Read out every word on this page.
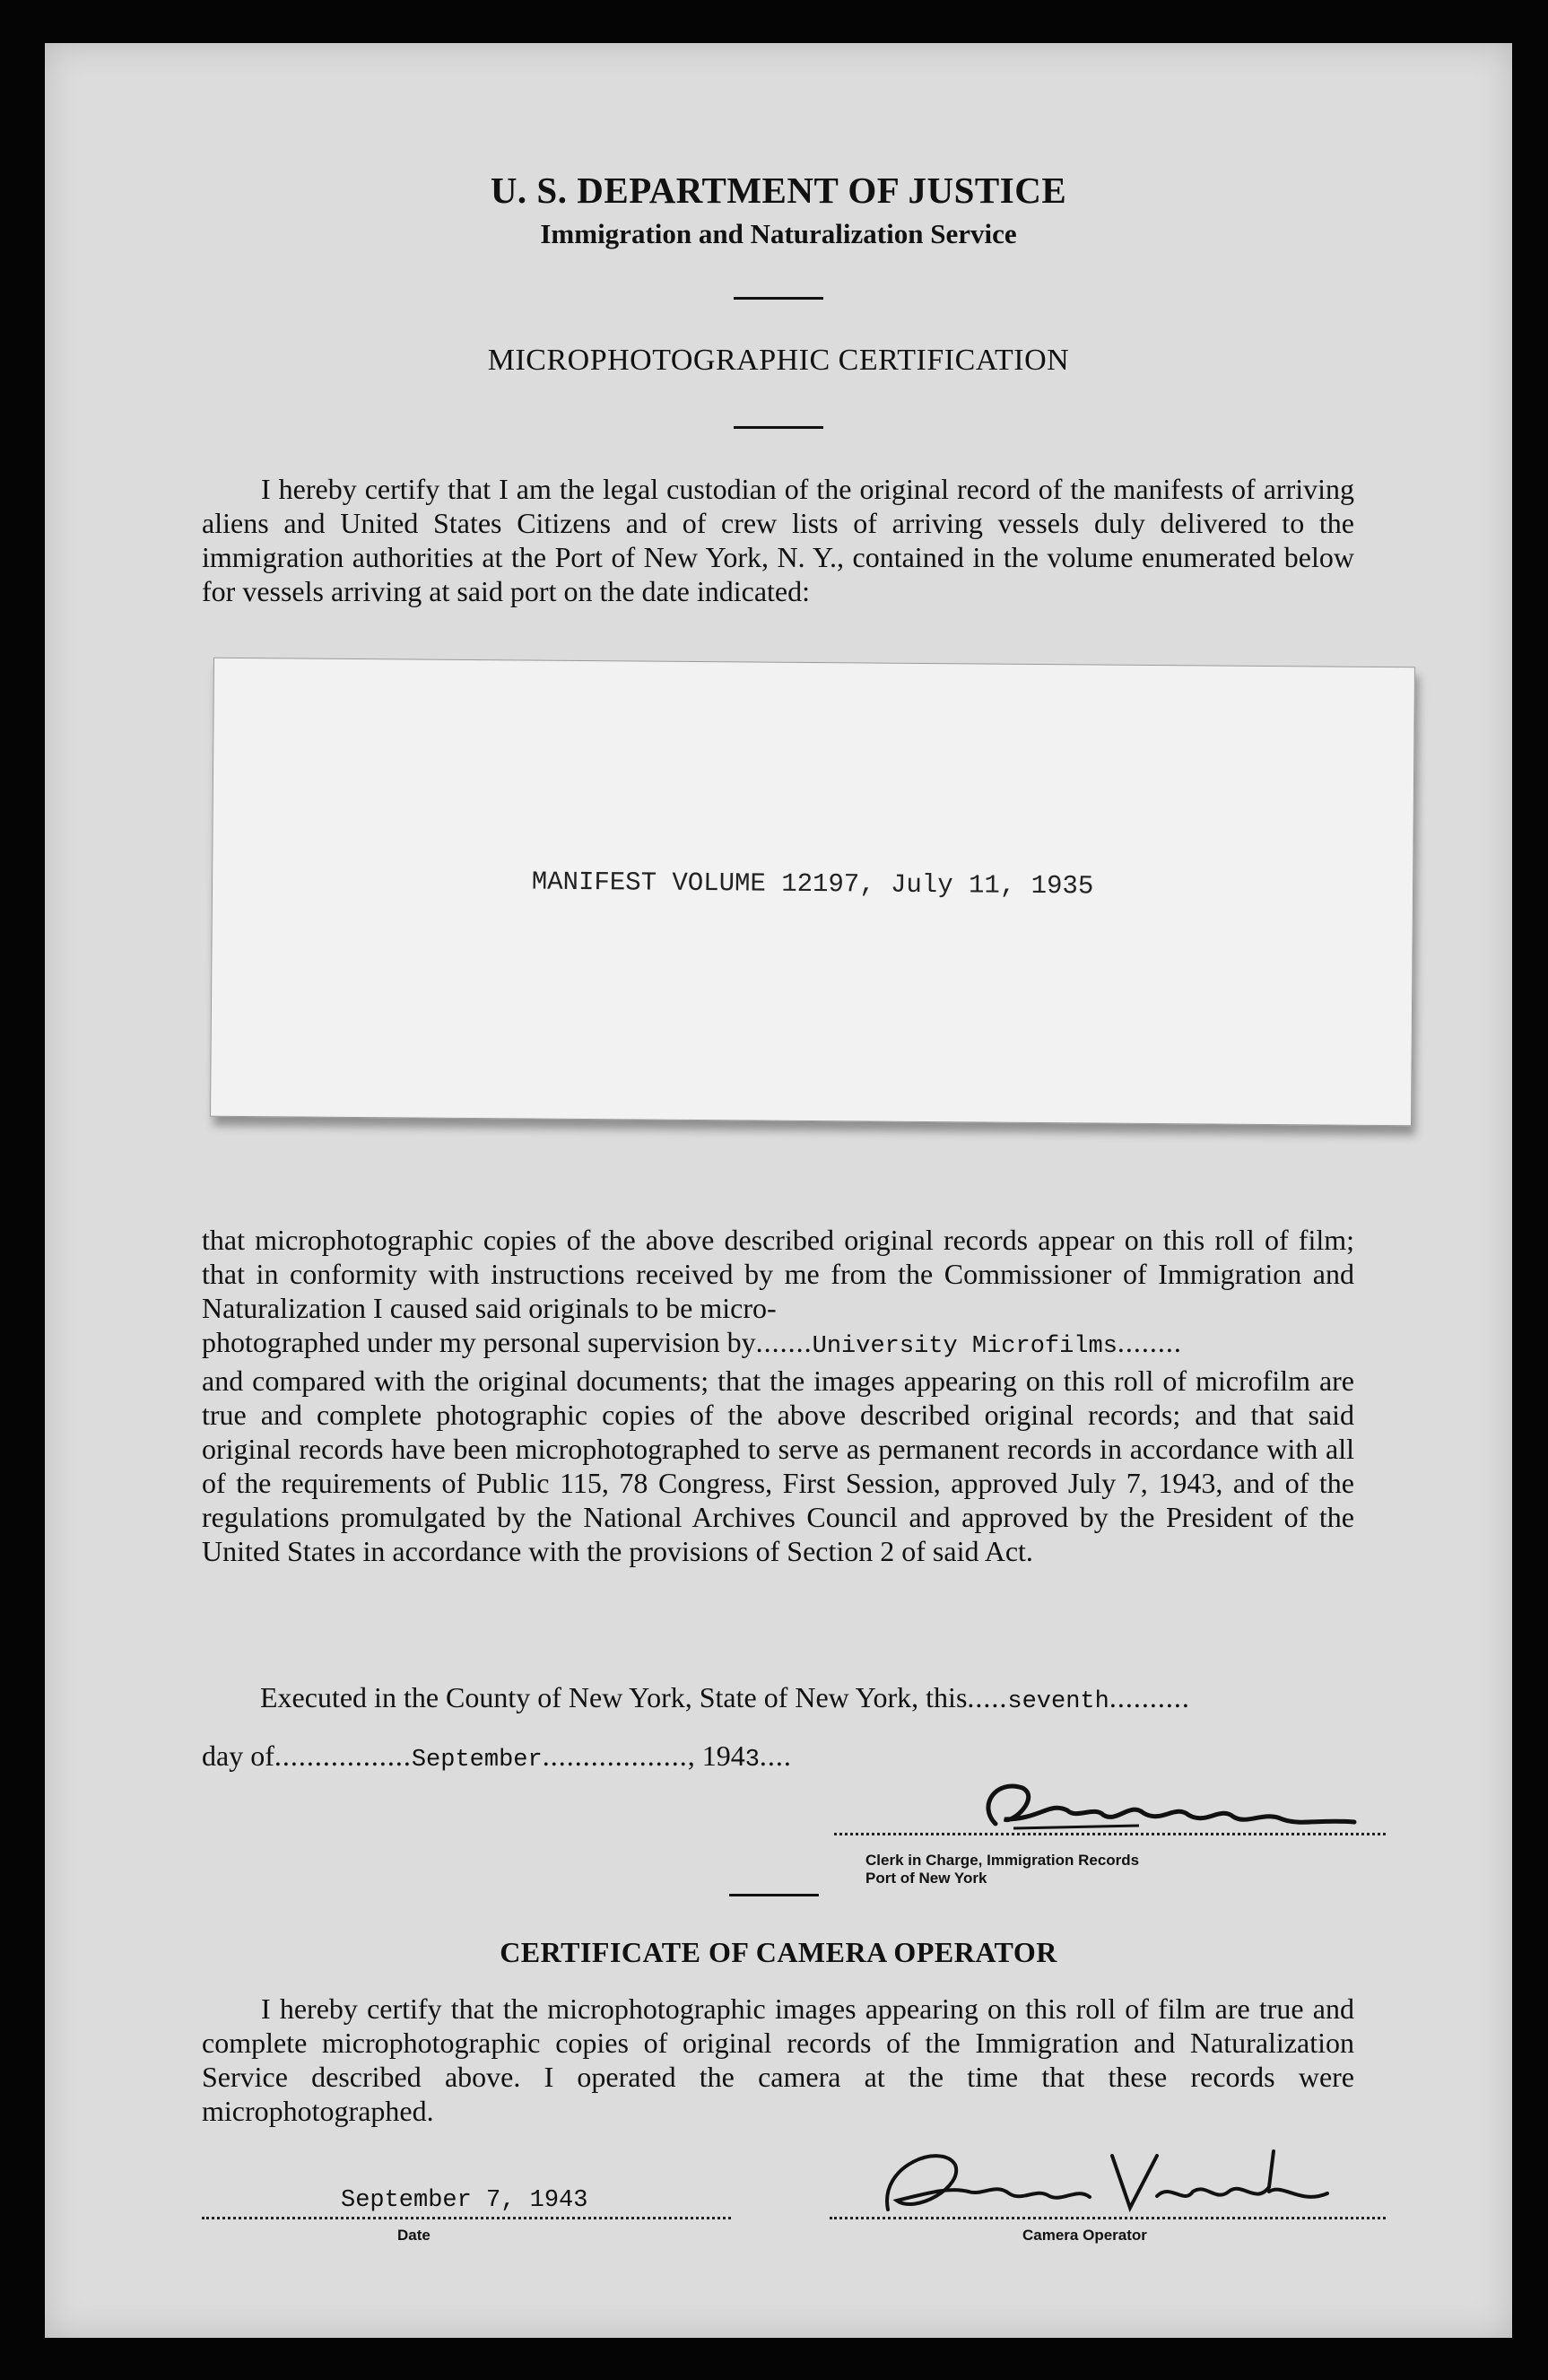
U. S. DEPARTMENT OF JUSTICE
Immigration and Naturalization Service
MICROPHOTOGRAPHIC CERTIFICATION
I hereby certify that I am the legal custodian of the original record of the manifests of arriving aliens and United States Citizens and of crew lists of arriving vessels duly delivered to the immigration authorities at the Port of New York, N. Y., contained in the volume enumerated below for vessels arriving at said port on the date indicated:
MANIFEST VOLUME 12197, July 11, 1935
that microphotographic copies of the above described original records appear on this roll of film; that in conformity with instructions received by me from the Commissioner of Immigration and Naturalization I caused said originals to be micro-
photographed under my personal supervision by.......University Microfilms........
and compared with the original documents; that the images appearing on this roll of microfilm are true and complete photographic copies of the above described original records; and that said original records have been microphotographed to serve as permanent records in accordance with all of the requirements of Public 115, 78 Congress, First Session, approved July 7, 1943, and of the regulations promulgated by the National Archives Council and approved by the President of the United States in accordance with the provisions of Section 2 of said Act.
Executed in the County of New York, State of New York, this.....seventh..........
day of.................September.................., 1943....
Clerk in Charge, Immigration Records
Port of New York
CERTIFICATE OF CAMERA OPERATOR
I hereby certify that the microphotographic images appearing on this roll of film are true and complete microphotographic copies of original records of the Immigration and Naturalization Service described above. I operated the camera at the time that these records were microphotographed.
September 7, 1943
Date	Camera Operator
